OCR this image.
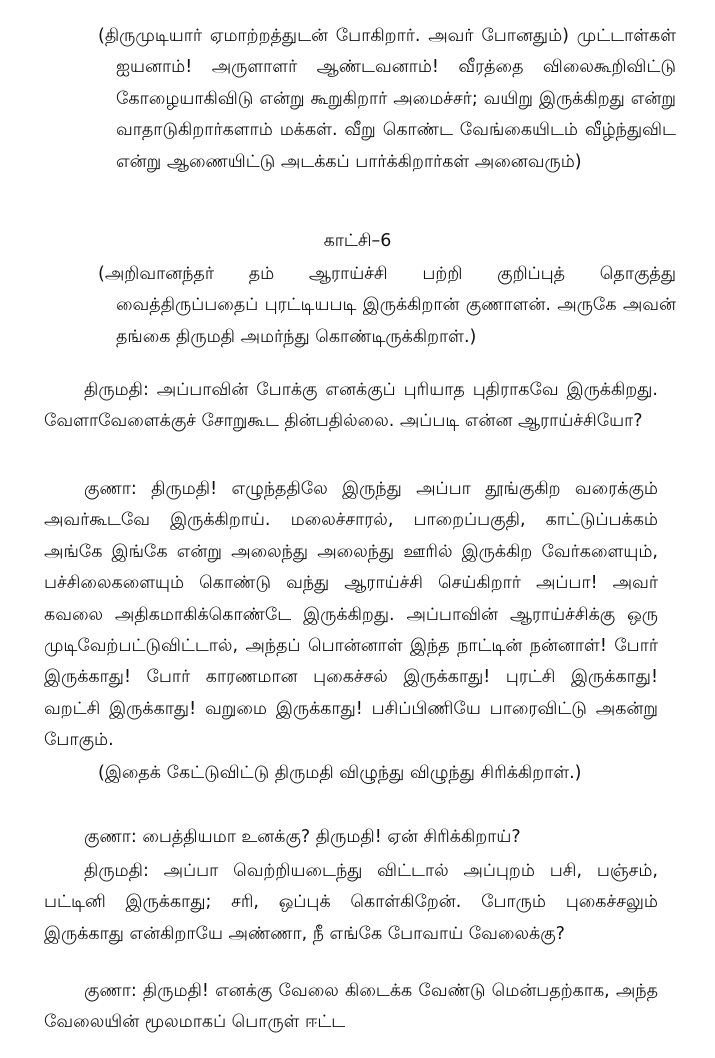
(திருமுடியார் ஏமாற்றத்துடன் போகிறார். அவர் போனதும்) முட்டாள்கள் ஐயனாம்! அருளாளர் ஆண்டவனாம்! வீரத்தை விலைகூறிவிட்டு கோழையாகிவிடு என்று கூறுகிறார் அமைச்சர்; வயிறு இருக்கிறது என்று வாதாடுகிறார்களாம் மக்கள். வீறு கொண்ட வேங்கையிடம் வீழ்ந்துவிட என்று ஆணையிட்டு அடக்கப் பார்க்கிறார்கள் அனைவரும்)

காட்சி–6

(அறிவானந்தர் தம் ஆராய்ச்சி பற்றி குறிப்புத் தொகுத்து வைத்திருப்பதைப் புரட்டியபடி இருக்கிறான் குணாளன். அருகே அவன் தங்கை திருமதி அமர்ந்து கொண்டிருக்கிறாள்.)

திருமதி: அப்பாவின் போக்கு எனக்குப் புரியாத புதிராகவே இருக்கிறது. வேளாவேளைக்குச் சோறுகூட தின்பதில்லை. அப்படி என்ன ஆராய்ச்சியோ?

குணா: திருமதி! எழுந்ததிலே இருந்து அப்பா தூங்குகிற வரைக்கும் அவர்கூடவே இருக்கிறாய். மலைச்சாரல், பாறைப்பகுதி, காட்டுப்பக்கம் அங்கே இங்கே என்று அலைந்து அலைந்து ஊரில் இருக்கிற வேர்களையும், பச்சிலைகளையும் கொண்டு வந்து ஆராய்ச்சி செய்கிறார் அப்பா! அவர் கவலை அதிகமாகிக்கொண்டே இருக்கிறது. அப்பாவின் ஆராய்ச்சிக்கு ஒரு முடிவேற்பட்டுவிட்டால், அந்தப் பொன்னாள் இந்த நாட்டின் நன்னாள்! போர் இருக்காது! போர் காரணமான புகைச்சல் இருக்காது! புரட்சி இருக்காது! வறட்சி இருக்காது! வறுமை இருக்காது! பசிப்பிணியே பாரைவிட்டு அகன்று போகும்.

(இதைக் கேட்டுவிட்டு திருமதி விழுந்து விழுந்து சிரிக்கிறாள்.)

குணா: பைத்தியமா உனக்கு? திருமதி! ஏன் சிரிக்கிறாய்?

திருமதி: அப்பா வெற்றியடைந்து விட்டால் அப்புறம் பசி, பஞ்சம், பட்டினி இருக்காது; சரி, ஒப்புக் கொள்கிறேன். போரும் புகைச்சலும் இருக்காது என்கிறாயே அண்ணா, நீ எங்கே போவாய் வேலைக்கு?

குணா: திருமதி! எனக்கு வேலை கிடைக்க வேண்டு மென்பதற்காக, அந்த வேலையின் மூலமாகப் பொருள் ஈட்ட
